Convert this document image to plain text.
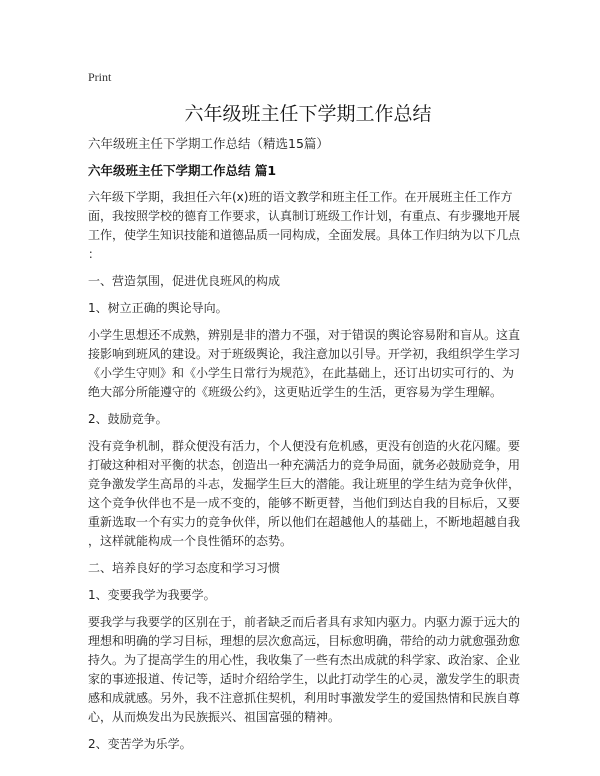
Print
六年级班主任下学期工作总结
六年级班主任下学期工作总结（精选15篇）
六年级班主任下学期工作总结 篇1
六年级下学期，我担任六年(x)班的语文教学和班主任工作。在开展班主任工作方
面，我按照学校的德育工作要求，认真制订班级工作计划，有重点、有步骤地开展
工作，使学生知识技能和道德品质一同构成，全面发展。具体工作归纳为以下几点
：
一、营造氛围，促进优良班风的构成
1、树立正确的舆论导向。
小学生思想还不成熟，辨别是非的潜力不强，对于错误的舆论容易附和盲从。这直
接影响到班风的建设。对于班级舆论，我注意加以引导。开学初，我组织学生学习
《小学生守则》和《小学生日常行为规范》，在此基础上，还订出切实可行的、为
绝大部分所能遵守的《班级公约》，这更贴近学生的生活，更容易为学生理解。
2、鼓励竞争。
没有竞争机制，群众便没有活力，个人便没有危机感，更没有创造的火花闪耀。要
打破这种相对平衡的状态，创造出一种充满活力的竞争局面，就务必鼓励竞争，用
竞争激发学生高昂的斗志，发掘学生巨大的潜能。我让班里的学生结为竞争伙伴，
这个竞争伙伴也不是一成不变的，能够不断更替，当他们到达自我的目标后，又要
重新选取一个有实力的竞争伙伴，所以他们在超越他人的基础上，不断地超越自我
，这样就能构成一个良性循环的态势。
二、培养良好的学习态度和学习习惯
1、变要我学为我要学。
要我学与我要学的区别在于，前者缺乏而后者具有求知内驱力。内驱力源于远大的
理想和明确的学习目标，理想的层次愈高远，目标愈明确，带给的动力就愈强劲愈
持久。为了提高学生的用心性，我收集了一些有杰出成就的科学家、政治家、企业
家的事迹报道、传记等，适时介绍给学生，以此打动学生的心灵，激发学生的职责
感和成就感。另外，我不注意抓住契机，利用时事激发学生的爱国热情和民族自尊
心，从而焕发出为民族振兴、祖国富强的精神。
2、变苦学为乐学。
